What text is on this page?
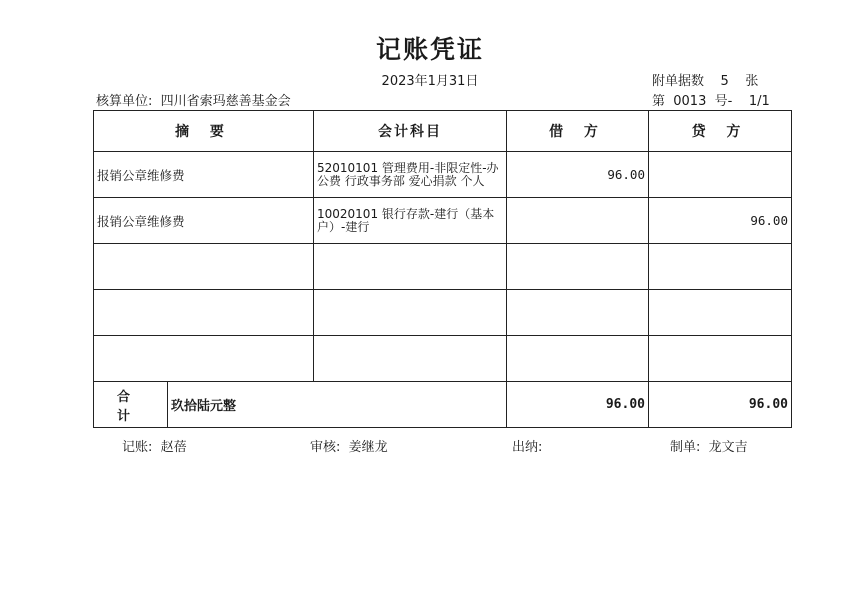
记账凭证
2023年1月31日	附单据数    5    张
核算单位: 四川省索玛慈善基金会	第  0013  号-    1/1
摘 要		会计科目	借 方	贷 方
报销公章维修费		52010101 管理费用-非限定性-办公费 行政事务部 爱心捐款 个人	96.00	
报销公章维修费		10020101 银行存款-建行（基本户）-建行		96.00

合 计	玖拾陆元整		96.00	96.00
记账:  赵蓓	审核:  姜继龙	出纳:	制单:  龙文吉
